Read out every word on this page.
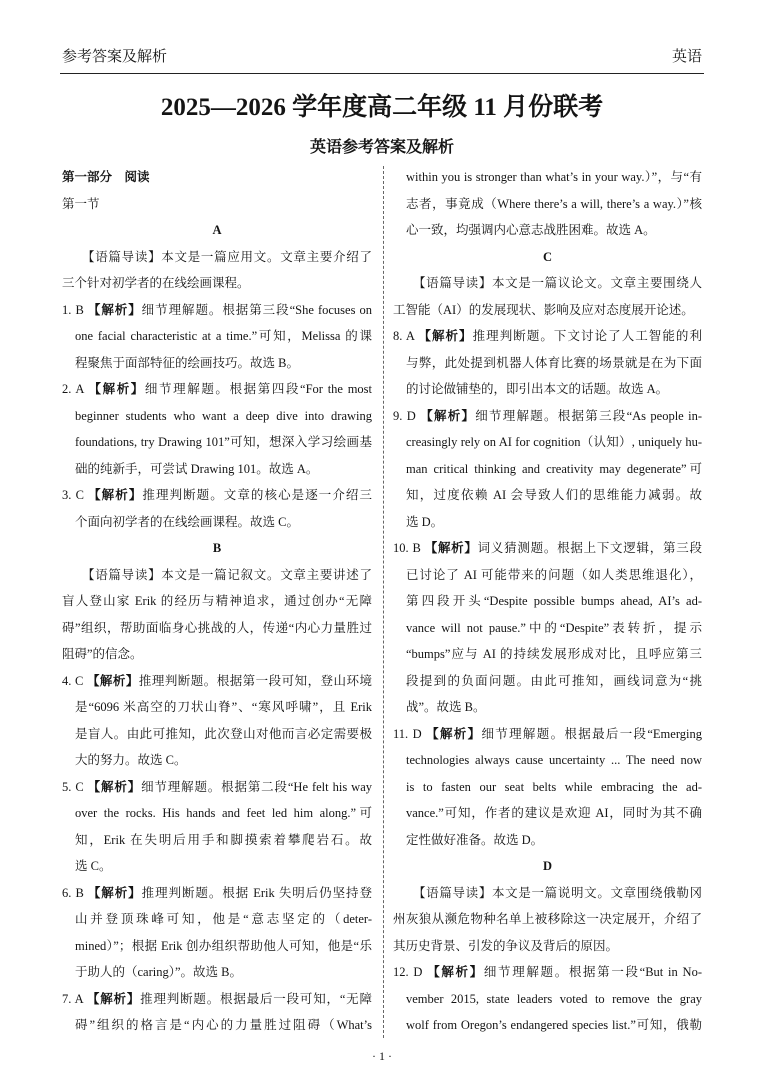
参考答案及解析	英语
2025—2026 学年度高二年级 11 月份联考
英语参考答案及解析
第一部分　阅读
第一节
A
【语篇导读】本文是一篇应用文。文章主要介绍了
三个针对初学者的在线绘画课程。
1. B 【解析】细节理解题。根据第三段“She focuses on
one facial characteristic at a time.”可知，Melissa 的课
程聚焦于面部特征的绘画技巧。故选 B。
2. A 【解析】细节理解题。根据第四段“For the most
beginner students who want a deep dive into drawing
foundations, try Drawing 101”可知，想深入学习绘画基
础的纯新手，可尝试 Drawing 101。故选 A。
3. C 【解析】推理判断题。文章的核心是逐一介绍三
个面向初学者的在线绘画课程。故选 C。
B
【语篇导读】本文是一篇记叙文。文章主要讲述了
盲人登山家 Erik 的经历与精神追求，通过创办“无障
碍”组织，帮助面临身心挑战的人，传递“内心力量胜过
阻碍”的信念。
4. C 【解析】推理判断题。根据第一段可知，登山环境
是“6096 米高空的刀状山脊”、“寒风呼啸”，且 Erik
是盲人。由此可推知，此次登山对他而言必定需要极
大的努力。故选 C。
5. C 【解析】细节理解题。根据第二段“He felt his way
over the rocks. His hands and feet led him along.”可
知，Erik 在失明后用手和脚摸索着攀爬岩石。故
选 C。
6. B 【解析】推理判断题。根据 Erik 失明后仍坚持登
山并登顶珠峰可知，他是“意志坚定的（deter-
mined）”；根据 Erik 创办组织帮助他人可知，他是“乐
于助人的（caring）”。故选 B。
7. A 【解析】推理判断题。根据最后一段可知，“无障
碍”组织的格言是“内心的力量胜过阻碍（What’s
within you is stronger than what’s in your way.）”，与“有
志者，事竟成（Where there’s a will, there’s a way.）”核
心一致，均强调内心意志战胜困难。故选 A。
C
【语篇导读】本文是一篇议论文。文章主要围绕人
工智能（AI）的发展现状、影响及应对态度展开论述。
8. A 【解析】推理判断题。下文讨论了人工智能的利
与弊，此处提到机器人体育比赛的场景就是在为下面
的讨论做铺垫的，即引出本文的话题。故选 A。
9. D 【解析】细节理解题。根据第三段“As people in-
creasingly rely on AI for cognition（认知）, uniquely hu-
man critical thinking and creativity may degenerate”可
知，过度依赖 AI 会导致人们的思维能力减弱。故
选 D。
10. B 【解析】词义猜测题。根据上下文逻辑，第三段
已讨论了 AI 可能带来的问题（如人类思维退化），
第四段开头“Despite possible bumps ahead, AI’s ad-
vance will not pause.”中的“Despite”表转折，提示
“bumps”应与 AI 的持续发展形成对比，且呼应第三
段提到的负面问题。由此可推知，画线词意为“挑
战”。故选 B。
11. D 【解析】细节理解题。根据最后一段“Emerging
technologies always cause uncertainty ... The need now
is to fasten our seat belts while embracing the ad-
vance.”可知，作者的建议是欢迎 AI，同时为其不确
定性做好准备。故选 D。
D
【语篇导读】本文是一篇说明文。文章围绕俄勒冈
州灰狼从濒危物种名单上被移除这一决定展开，介绍了
其历史背景、引发的争议及背后的原因。
12. D 【解析】细节理解题。根据第一段“But in No-
vember 2015, state leaders voted to remove the gray
wolf from Oregon’s endangered species list.”可知，俄勒
· 1 ·
